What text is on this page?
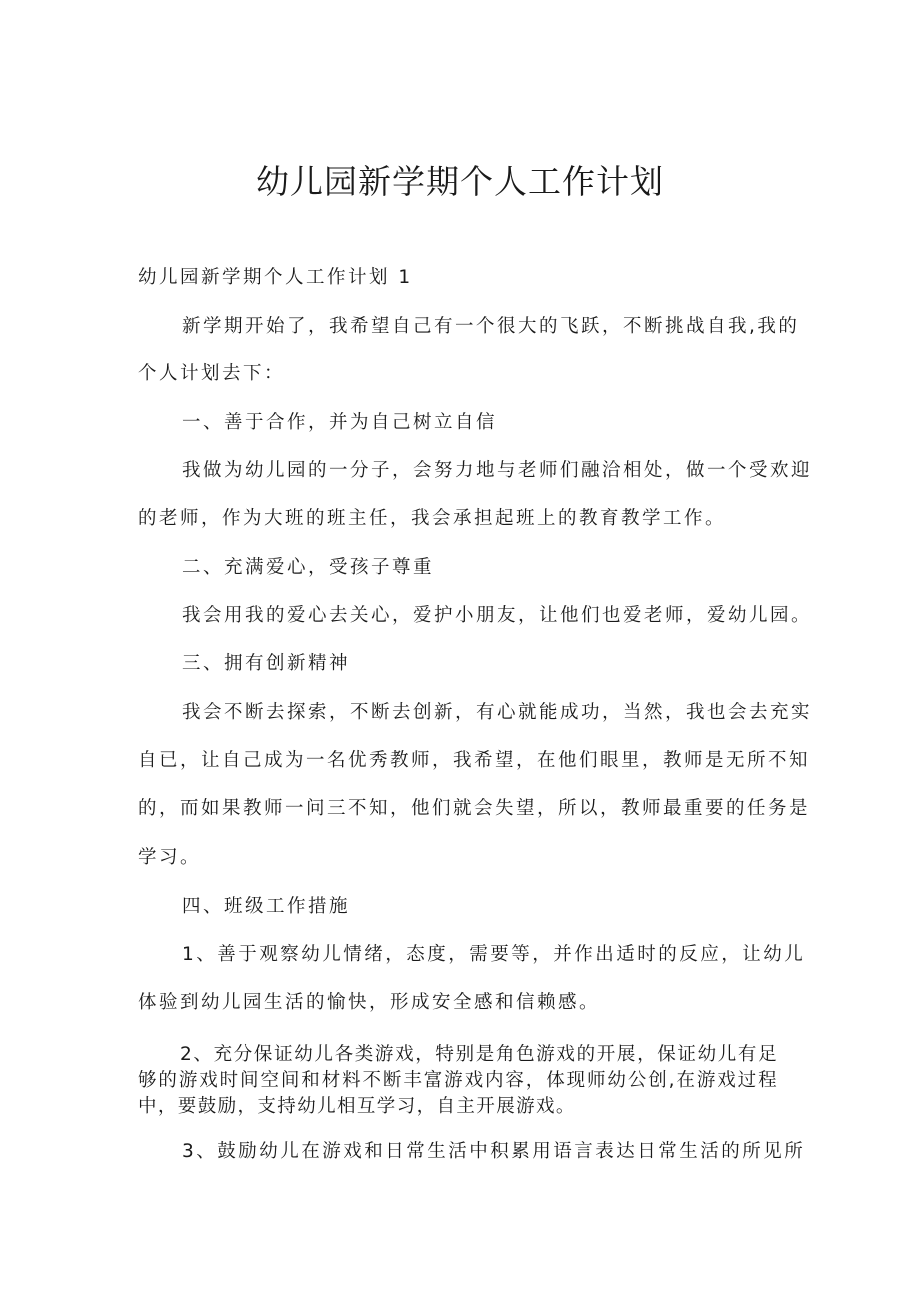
幼儿园新学期个人工作计划
幼儿园新学期个人工作计划 1
新学期开始了，我希望自己有一个很大的飞跃，不断挑战自我,我的
个人计划去下：
一、善于合作，并为自己树立自信
我做为幼儿园的一分子，会努力地与老师们融洽相处，做一个受欢迎
的老师，作为大班的班主任，我会承担起班上的教育教学工作。
二、充满爱心，受孩子尊重
我会用我的爱心去关心，爱护小朋友，让他们也爱老师，爱幼儿园。
三、拥有创新精神
我会不断去探索，不断去创新，有心就能成功，当然，我也会去充实
自已，让自己成为一名优秀教师，我希望，在他们眼里，教师是无所不知
的，而如果教师一问三不知，他们就会失望，所以，教师最重要的任务是
学习。
四、班级工作措施
1、善于观察幼儿情绪，态度，需要等，并作出适时的反应，让幼儿
体验到幼儿园生活的愉快，形成安全感和信赖感。
2、充分保证幼儿各类游戏，特别是角色游戏的开展，保证幼儿有足够的游戏时间空间和材料不断丰富游戏内容，体现师幼公创,在游戏过程中，要鼓励，支持幼儿相互学习，自主开展游戏。
3、鼓励幼儿在游戏和日常生活中积累用语言表达日常生活的所见所
